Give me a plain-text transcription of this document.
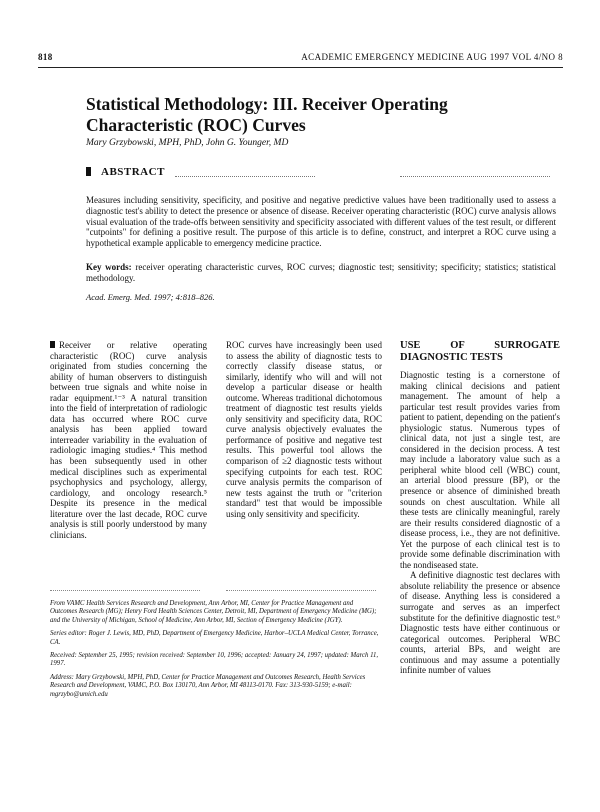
818	ACADEMIC EMERGENCY MEDICINE AUG 1997 VOL 4/NO 8
Statistical Methodology: III. Receiver Operating Characteristic (ROC) Curves

Mary Grzybowski, MPH, PhD, John G. Younger, MD

ABSTRACT

Measures including sensitivity, specificity, and positive and negative predictive values have been traditionally used to assess a diagnostic test's ability to detect the presence or absence of disease. Receiver operating characteristic (ROC) curve analysis allows visual evaluation of the trade-offs between sensitivity and specificity associated with different values of the test result, or different "cutpoints" for defining a positive result. The purpose of this article is to define, construct, and interpret a ROC curve using a hypothetical example applicable to emergency medicine practice.

Key words: receiver operating characteristic curves, ROC curves; diagnostic test; sensitivity; specificity; statistics; statistical methodology.

Acad. Emerg. Med. 1997; 4:818–826.

Receiver or relative operating characteristic (ROC) curve analysis originated from studies concerning the ability of human observers to distinguish between true signals and white noise in radar equipment.¹⁻³ A natural transition into the field of interpretation of radiologic data has occurred where ROC curve analysis has been applied toward interreader variability in the evaluation of radiologic imaging studies.⁴ This method has been subsequently used in other medical disciplines such as experimental psychophysics and psychology, allergy, cardiology, and oncology research.⁵ Despite its presence in the medical literature over the last decade, ROC curve analysis is still poorly understood by many clinicians.

ROC curves have increasingly been used to assess the ability of diagnostic tests to correctly classify disease status, or similarly, identify who will and will not develop a particular disease or health outcome. Whereas traditional dichotomous treatment of diagnostic test results yields only sensitivity and specificity data, ROC curve analysis objectively evaluates the performance of positive and negative test results. This powerful tool allows the comparison of ≥2 diagnostic tests without specifying cutpoints for each test. ROC curve analysis permits the comparison of new tests against the truth or "criterion standard" test that would be impossible using only sensitivity and specificity.

USE OF SURROGATE DIAGNOSTIC TESTS

Diagnostic testing is a cornerstone of making clinical decisions and patient management. The amount of help a particular test result provides varies from patient to patient, depending on the patient's physiologic status. Numerous types of clinical data, not just a single test, are considered in the decision process. A test may include a laboratory value such as a peripheral white blood cell (WBC) count, an arterial blood pressure (BP), or the presence or absence of diminished breath sounds on chest auscultation. While all these tests are clinically meaningful, rarely are their results considered diagnostic of a disease process, i.e., they are not definitive. Yet the purpose of each clinical test is to provide some definable discrimination with the nondiseased state.

A definitive diagnostic test declares with absolute reliability the presence or absence of disease. Anything less is considered a surrogate and serves as an imperfect substitute for the definitive diagnostic test.⁶ Diagnostic tests have either continuous or categorical outcomes. Peripheral WBC counts, arterial BPs, and weight are continuous and may assume a potentially infinite number of values

From VAMC Health Services Research and Development, Ann Arbor, MI, Center for Practice Management and Outcomes Research (MG); Henry Ford Health Sciences Center, Detroit, MI, Department of Emergency Medicine (MG); and the University of Michigan, School of Medicine, Ann Arbor, MI, Section of Emergency Medicine (JGY).

Series editor: Roger J. Lewis, MD, PhD, Department of Emergency Medicine, Harbor–UCLA Medical Center, Torrance, CA.

Received: September 25, 1995; revision received: September 10, 1996; accepted: January 24, 1997; updated: March 11, 1997.

Address: Mary Grzybowski, MPH, PhD, Center for Practice Management and Outcomes Research, Health Services Research and Development, VAMC, P.O. Box 130170, Ann Arbor, MI 48113-0170. Fax: 313-930-5159; e-mail: mgrzybo@umich.edu
